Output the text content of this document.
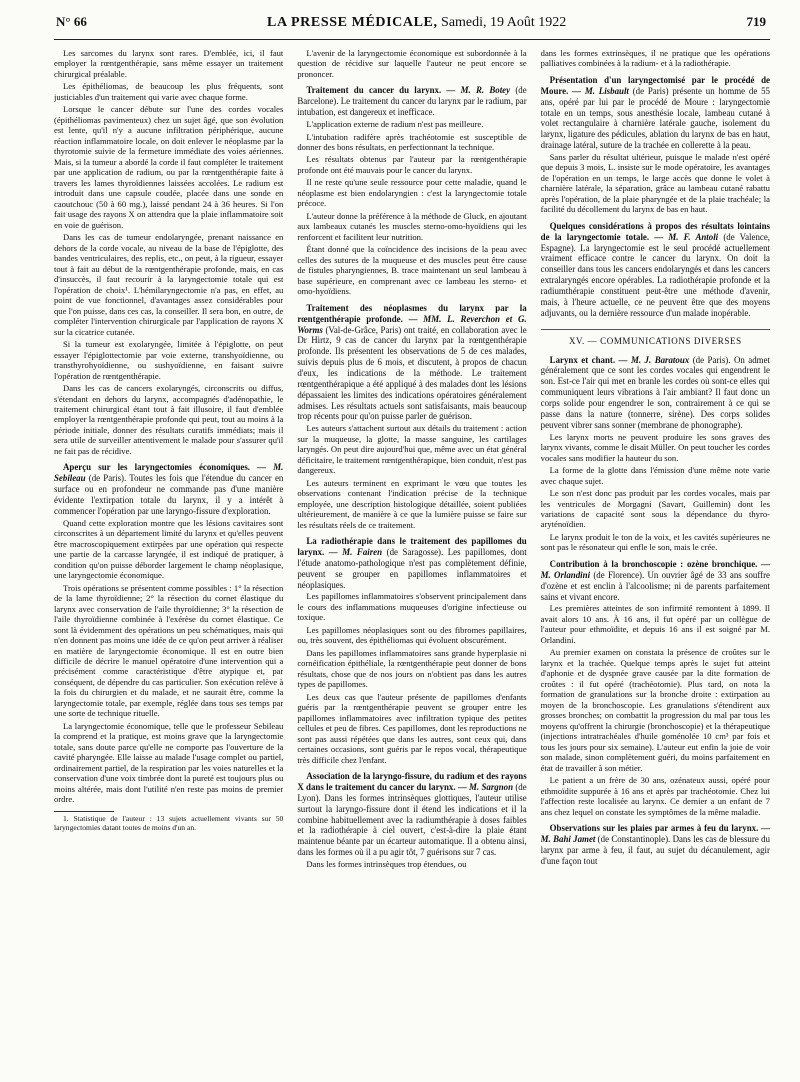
N° 66	LA PRESSE MÉDICALE, Samedi, 19 Août 1922	719

Les sarcomes du larynx sont rares. D'emblée, ici, il faut employer la rœntgenthérapie, sans même essayer un traitement chirurgical préalable.

Les épithéliomas, de beaucoup les plus fréquents, sont justiciables d'un traitement qui varie avec chaque forme.

Lorsque le cancer débute sur l'une des cordes vocales (épithéliomas pavimenteux) chez un sujet âgé, que son évolution est lente, qu'il n'y a aucune infiltration périphérique, aucune réaction inflammatoire locale, on doit enlever le néoplasme par la thyrotomie suivie de la fermeture immédiate des voies aériennes. Mais, si la tumeur a abordé la corde il faut compléter le traitement par une application de radium, ou par la rœntgenthérapie faite à travers les lames thyroïdiennes laissées accolées. Le radium est introduit dans une capsule coudée, placée dans une sonde en caoutchouc (50 à 60 mg.), laissé pendant 24 à 36 heures. Si l'on fait usage des rayons X on attendra que la plaie inflammatoire soit en voie de guérison.

Dans les cas de tumeur endolaryngée, prenant naissance en dehors de la corde vocale, au niveau de la base de l'épiglotte, des bandes ventriculaires, des replis, etc., on peut, à la rigueur, essayer tout à fait au début de la rœntgenthérapie profonde, mais, en cas d'insuccès, il faut recourir à la laryngectomie totale qui est l'opération de choix¹. L'hémilaryngectomie n'a pas, en effet, au point de vue fonctionnel, d'avantages assez considérables pour que l'on puisse, dans ces cas, la conseiller. Il sera bon, en outre, de compléter l'intervention chirurgicale par l'application de rayons X sur la cicatrice cutanée.

Si la tumeur est exolaryngée, limitée à l'épiglotte, on peut essayer l'épiglottectomie par voie externe, transhyoïdienne, ou transthyrohyoïdienne, ou sushyoïdienne, en faisant suivre l'opération de rœntgenthérapie.

Dans les cas de cancers exolaryngés, circonscrits ou diffus, s'étendant en dehors du larynx, accompagnés d'adénopathie, le traitement chirurgical étant tout à fait illusoire, il faut d'emblée employer la rœntgenthérapie profonde qui peut, tout au moins à la période initiale, donner des résultats curatifs immédiats; mais il sera utile de surveiller attentivement le malade pour s'assurer qu'il ne fait pas de récidive.

Aperçu sur les laryngectomies économiques. — M. Sebileau (de Paris). Toutes les fois que l'étendue du cancer en surface ou en profondeur ne commande pas d'une manière évidente l'extirpation totale du larynx, il y a intérêt à commencer l'opération par une laryngo-fissure d'exploration.

Quand cette exploration montre que les lésions cavitaires sont circonscrites à un département limité du larynx et qu'elles peuvent être macroscopiquement extirpées par une opération qui respecte une partie de la carcasse laryngée, il est indiqué de pratiquer, à condition qu'on puisse déborder largement le champ néoplasique, une laryngectomie économique.

Trois opérations se présentent comme possibles : 1° la résection de la lame thyroïdienne; 2° la résection du cornet élastique du larynx avec conservation de l'aile thyroïdienne; 3° la résection de l'aile thyroïdienne combinée à l'exérèse du cornet élastique. Ce sont là évidemment des opérations un peu schématiques, mais qui n'en donnent pas moins une idée de ce qu'on peut arriver à réaliser en matière de laryngectomie économique. Il est en outre bien difficile de décrire le manuel opératoire d'une intervention qui a précisément comme caractéristique d'être atypique et, par conséquent, de dépendre du cas particulier. Son exécution relève à la fois du chirurgien et du malade, et ne saurait être, comme la laryngectomie totale, par exemple, réglée dans tous ses temps par une sorte de technique rituelle.

La laryngectomie économique, telle que le professeur Sebileau la comprend et la pratique, est moins grave que la laryngectomie totale, sans doute parce qu'elle ne comporte pas l'ouverture de la cavité pharyngée. Elle laisse au malade l'usage complet ou partiel, ordinairement partiel, de la respiration par les voies naturelles et la conservation d'une voix timbrée dont la pureté est toujours plus ou moins altérée, mais dont l'utilité n'en reste pas moins de premier ordre.

1. Statistique de l'auteur : 13 sujets actuellement vivants sur 50 laryngectomies datant toutes de moins d'un an.

L'avenir de la laryngectomie économique est subordonnée à la question de récidive sur laquelle l'auteur ne peut encore se prononcer.

Traitement du cancer du larynx. — M. R. Botey (de Barcelone). Le traitement du cancer du larynx par le radium, par intubation, est dangereux et inefficace.

L'application externe de radium n'est pas meilleure.

L'intubation radifère après trachéotomie est susceptible de donner des bons résultats, en perfectionnant la technique.

Les résultats obtenus par l'auteur par la rœntgenthérapie profonde ont été mauvais pour le cancer du larynx.

Il ne reste qu'une seule ressource pour cette maladie, quand le néoplasme est bien endolaryngien : c'est la laryngectomie totale précoce.

L'auteur donne la préférence à la méthode de Gluck, en ajoutant aux lambeaux cutanés les muscles sterno-omo-hyoïdiens qui les renforcent et facilitent leur nutrition.

Étant donné que la coïncidence des incisions de la peau avec celles des sutures de la muqueuse et des muscles peut être cause de fistules pharyngiennes, B. trace maintenant un seul lambeau à base supérieure, en comprenant avec ce lambeau les sterno- et omo-hyoïdiens.

Traitement des néoplasmes du larynx par la rœntgenthérapie profonde. — MM. L. Reverchon et G. Worms (Val-de-Grâce, Paris) ont traité, en collaboration avec le Dr Hirtz, 9 cas de cancer du larynx par la rœntgenthérapie profonde. Ils présentent les observations de 5 de ces malades, suivis depuis plus de 6 mois, et discutent, à propos de chacun d'eux, les indications de la méthode. Le traitement rœntgenthérapique a été appliqué à des malades dont les lésions dépassaient les limites des indications opératoires généralement admises. Les résultats actuels sont satisfaisants, mais beaucoup trop récents pour qu'on puisse parler de guérison.

Les auteurs s'attachent surtout aux détails du traitement : action sur la muqueuse, la glotte, la masse sanguine, les cartilages laryngés. On peut dire aujourd'hui que, même avec un état général déficitaire, le traitement rœntgenthérapique, bien conduit, n'est pas dangereux.

Les auteurs terminent en exprimant le vœu que toutes les observations contenant l'indication précise de la technique employée, une description histologique détaillée, soient publiées ultérieurement, de manière à ce que la lumière puisse se faire sur les résultats réels de ce traitement.

La radiothérapie dans le traitement des papillomes du larynx. — M. Fairen (de Saragosse). Les papillomes, dont l'étude anatomo-pathologique n'est pas complètement définie, peuvent se grouper en papillomes inflammatoires et néoplasiques.

Les papillomes inflammatoires s'observent principalement dans le cours des inflammations muqueuses d'origine infectieuse ou toxique.

Les papillomes néoplasiques sont ou des fibromes papillaires, ou, très souvent, des épithéliomas qui évoluent obscurément.

Dans les papillomes inflammatoires sans grande hyperplasie ni cornéification épithéliale, la rœntgenthérapie peut donner de bons résultats, chose que de nos jours on n'obtient pas dans les autres types de papillomes.

Les deux cas que l'auteur présente de papillomes d'enfants guéris par la rœntgenthérapie peuvent se grouper entre les papillomes inflammatoires avec infiltration typique des petites cellules et peu de fibres. Ces papillomes, dont les reproductions ne sont pas aussi répétées que dans les autres, sont ceux qui, dans certaines occasions, sont guéris par le repos vocal, thérapeutique très difficile chez l'enfant.

Association de la laryngo-fissure, du radium et des rayons X dans le traitement du cancer du larynx. — M. Sargnon (de Lyon). Dans les formes intrinsèques glottiques, l'auteur utilise surtout la laryngo-fissure dont il étend les indications et il la combine habituellement avec la radiumthérapie à doses faibles et la radiothérapie à ciel ouvert, c'est-à-dire la plaie étant maintenue béante par un écarteur automatique. Il a obtenu ainsi, dans les formes où il a pu agir tôt, 7 guérisons sur 7 cas.

Dans les formes intrinsèques trop étendues, ou

dans les formes extrinsèques, il ne pratique que les opérations palliatives combinées à la radium- et à la radiothérapie.

Présentation d'un laryngectomisé par le procédé de Moure. — M. Lisbault (de Paris) présente un homme de 55 ans, opéré par lui par le procédé de Moure : laryngectomie totale en un temps, sous anesthésie locale, lambeau cutané à volet rectangulaire à charnière latérale gauche, isolement du larynx, ligature des pédicules, ablation du larynx de bas en haut, drainage latéral, suture de la trachée en collerette à la peau.

Sans parler du résultat ultérieur, puisque le malade n'est opéré que depuis 3 mois, L. insiste sur le mode opératoire, les avantages de l'opération en un temps, le large accès que donne le volet à charnière latérale, la séparation, grâce au lambeau cutané rabattu après l'opération, de la plaie pharyngée et de la plaie trachéale; la facilité du décollement du larynx de bas en haut.

Quelques considérations à propos des résultats lointains de la laryngectomie totale. — M. F. Antoli (de Valence, Espagne). La laryngectomie est le seul procédé actuellement vraiment efficace contre le cancer du larynx. On doit la conseiller dans tous les cancers endolaryngés et dans les cancers extralaryngés encore opérables. La radiothérapie profonde et la radiumthérapie constituent peut-être une méthode d'avenir, mais, à l'heure actuelle, ce ne peuvent être que des moyens adjuvants, ou la dernière ressource d'un malade inopérable.
XV. — COMMUNICATIONS DIVERSES
Larynx et chant. — M. J. Baratoux (de Paris). On admet généralement que ce sont les cordes vocales qui engendrent le son. Est-ce l'air qui met en branle les cordes où sont-ce elles qui communiquent leurs vibrations à l'air ambiant? Il faut donc un corps solide pour engendrer le son, contrairement à ce qui se passe dans la nature (tonnerre, sirène). Des corps solides peuvent vibrer sans sonner (membrane de phonographe).

Les larynx morts ne peuvent produire les sons graves des larynx vivants, comme le disait Müller. On peut toucher les cordes vocales sans modifier la hauteur du son.

La forme de la glotte dans l'émission d'une même note varie avec chaque sujet.

Le son n'est donc pas produit par les cordes vocales, mais par les ventricules de Morgagni (Savart, Guillemin) dont les variations de capacité sont sous la dépendance du thyro-aryténoïdien.

Le larynx produit le ton de la voix, et les cavités supérieures ne sont pas le résonateur qui enfle le son, mais le crée.

Contribution à la bronchoscopie : ozène bronchique. — M. Orlandini (de Florence). Un ouvrier âgé de 33 ans souffre d'ozène et est enclin à l'alcoolisme; ni de parents parfaitement sains et vivant encore.

Les premières atteintes de son infirmité remontent à 1899. Il avait alors 10 ans. À 16 ans, il fut opéré par un collègue de l'auteur pour ethmoïdite, et depuis 16 ans il est soigné par M. Orlandini.

Au premier examen on constata la présence de croûtes sur le larynx et la trachée. Quelque temps après le sujet fut atteint d'aphonie et de dyspnée grave causée par la dite formation de croûtes : il fut opéré (trachéotomie). Plus tard, on nota la formation de granulations sur la bronche droite : extirpation au moyen de la bronchoscopie. Les granulations s'étendirent aux grosses bronches; on combattit la progression du mal par tous les moyens qu'offrent la chirurgie (bronchoscopie) et la thérapeutique (injections intratrachéales d'huile goménolée 10 cm³ par fois et tous les jours pour six semaine). L'auteur eut enfin la joie de voir son malade, sinon complètement guéri, du moins parfaitement en état de travailler à son métier.

Le patient a un frère de 30 ans, ozénateux aussi, opéré pour ethmoïdite suppurée à 16 ans et après par trachéotomie. Chez lui l'affection reste localisée au larynx. Ce dernier a un enfant de 7 ans chez lequel on constate les symptômes de la même maladie.

Observations sur les plaies par armes à feu du larynx. — M. Bahi Jamet (de Constantinople). Dans les cas de blessure du larynx par arme à feu, il faut, au sujet du décanulement, agir d'une façon tout
